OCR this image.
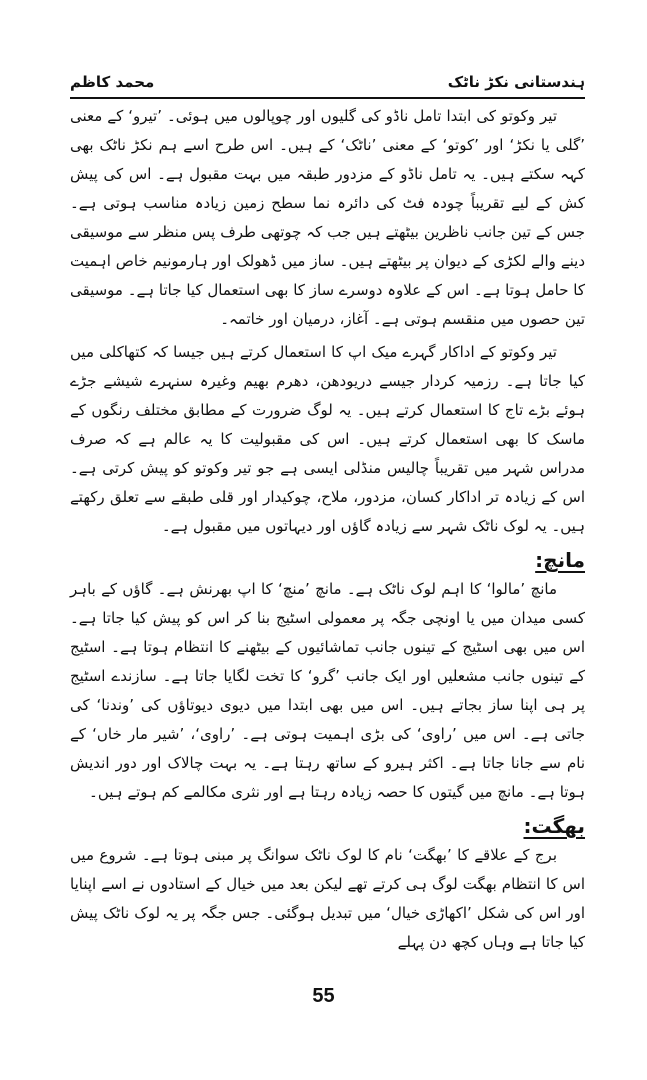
ہندستانی نکڑ ناٹک
محمد کاظم

تیر وکوتو کی ابتدا تامل ناڈو کی گلیوں اور چوپالوں میں ہوئی۔ ’تیرو‘ کے معنی ’گلی یا نکڑ‘ اور ’کوتو‘ کے معنی ’ناٹک‘ کے ہیں۔ اس طرح اسے ہم نکڑ ناٹک بھی کہہ سکتے ہیں۔ یہ تامل ناڈو کے مزدور طبقہ میں بہت مقبول ہے۔ اس کی پیش کش کے لیے تقریباً چودہ فٹ کی دائرہ نما سطح زمین زیادہ مناسب ہوتی ہے۔ جس کے تین جانب ناظرین بیٹھتے ہیں جب کہ چوتھی طرف پس منظر سے موسیقی دینے والے لکڑی کے دیوان پر بیٹھتے ہیں۔ ساز میں ڈھولک اور ہارمونیم خاص اہمیت کا حامل ہوتا ہے۔ اس کے علاوہ دوسرے ساز کا بھی استعمال کیا جاتا ہے۔ موسیقی تین حصوں میں منقسم ہوتی ہے۔ آغاز، درمیان اور خاتمہ۔

تیر وکوتو کے اداکار گہرے میک اپ کا استعمال کرتے ہیں جیسا کہ کتھاکلی میں کیا جاتا ہے۔ رزمیہ کردار جیسے دریودھن، دھرم بھیم وغیرہ سنہرے شیشے جڑے ہوئے بڑے تاج کا استعمال کرتے ہیں۔ یہ لوگ ضرورت کے مطابق مختلف رنگوں کے ماسک کا بھی استعمال کرتے ہیں۔ اس کی مقبولیت کا یہ عالم ہے کہ صرف مدراس شہر میں تقریباً چالیس منڈلی ایسی ہے جو تیر وکوتو کو پیش کرتی ہے۔ اس کے زیادہ تر اداکار کسان، مزدور، ملاح، چوکیدار اور قلی طبقے سے تعلق رکھتے ہیں۔ یہ لوک ناٹک شہر سے زیادہ گاؤں اور دیہاتوں میں مقبول ہے۔

مانچ:

مانچ ’مالوا‘ کا اہم لوک ناٹک ہے۔ مانچ ’منچ‘ کا اپ بھرنش ہے۔ گاؤں کے باہر کسی میدان میں یا اونچی جگہ پر معمولی اسٹیج بنا کر اس کو پیش کیا جاتا ہے۔ اس میں بھی اسٹیج کے تینوں جانب تماشائیوں کے بیٹھنے کا انتظام ہوتا ہے۔ اسٹیج کے تینوں جانب مشعلیں اور ایک جانب ’گرو‘ کا تخت لگایا جاتا ہے۔ سازندے اسٹیج پر ہی اپنا ساز بجاتے ہیں۔ اس میں بھی ابتدا میں دیوی دیوتاؤں کی ’وندنا‘ کی جاتی ہے۔ اس میں ’راوی‘ کی بڑی اہمیت ہوتی ہے۔ ’راوی‘، ’شیر مار خاں‘ کے نام سے جانا جاتا ہے۔ اکثر ہیرو کے ساتھ رہتا ہے۔ یہ بہت چالاک اور دور اندیش ہوتا ہے۔ مانچ میں گیتوں کا حصہ زیادہ رہتا ہے اور نثری مکالمے کم ہوتے ہیں۔

بھگت:

برج کے علاقے کا ’بھگت‘ نام کا لوک ناٹک سوانگ پر مبنی ہوتا ہے۔ شروع میں اس کا انتظام بھگت لوگ ہی کرتے تھے لیکن بعد میں خیال کے استادوں نے اسے اپنایا اور اس کی شکل ’اکھاڑی خیال‘ میں تبدیل ہوگئی۔ جس جگہ پر یہ لوک ناٹک پیش کیا جاتا ہے وہاں کچھ دن پہلے

55
